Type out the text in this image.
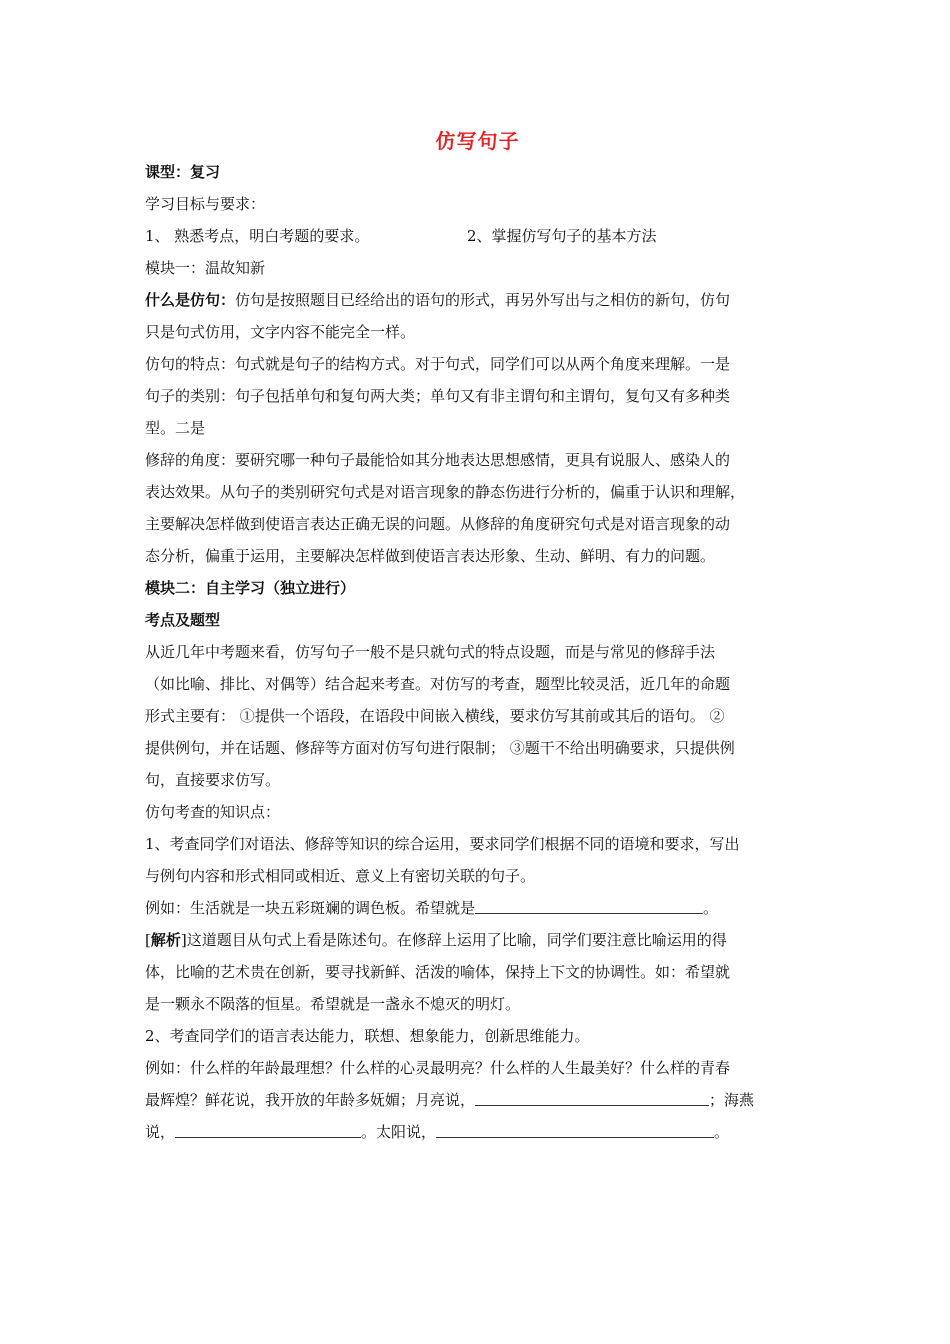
仿写句子
课型：复习
学习目标与要求：
1、 熟悉考点，明白考题的要求。	2、掌握仿写句子的基本方法
模块一：温故知新
什么是仿句：仿句是按照题目已经给出的语句的形式，再另外写出与之相仿的新句，仿句
只是句式仿用，文字内容不能完全一样。
仿句的特点：句式就是句子的结构方式。对于句式，同学们可以从两个角度来理解。一是
句子的类别：句子包括单句和复句两大类；单句又有非主谓句和主谓句，复句又有多种类
型。二是
修辞的角度：要研究哪一种句子最能恰如其分地表达思想感情，更具有说服人、感染人的
表达效果。从句子的类别研究句式是对语言现象的静态伤进行分析的，偏重于认识和理解，
主要解决怎样做到使语言表达正确无误的问题。从修辞的角度研究句式是对语言现象的动
态分析，偏重于运用，主要解决怎样做到使语言表达形象、生动、鲜明、有力的问题。
模块二：自主学习（独立进行）
考点及题型
从近几年中考题来看，仿写句子一般不是只就句式的特点设题，而是与常见的修辞手法
（如比喻、排比、对偶等）结合起来考查。对仿写的考查，题型比较灵活，近几年的命题
形式主要有： ①提供一个语段，在语段中间嵌入横线，要求仿写其前或其后的语句。 ②
提供例句，并在话题、修辞等方面对仿写句进行限制； ③题干不给出明确要求，只提供例
句，直接要求仿写。
仿句考查的知识点：
1、考查同学们对语法、修辞等知识的综合运用，要求同学们根据不同的语境和要求，写出
与例句内容和形式相同或相近、意义上有密切关联的句子。
例如：生活就是一块五彩斑斓的调色板。希望就是	。
[解析]这道题目从句式上看是陈述句。在修辞上运用了比喻，同学们要注意比喻运用的得
体，比喻的艺术贵在创新，要寻找新鲜、活泼的喻体，保持上下文的协调性。如：希望就
是一颗永不陨落的恒星。希望就是一盏永不熄灭的明灯。
2、考查同学们的语言表达能力，联想、想象能力，创新思维能力。
例如：什么样的年龄最理想？什么样的心灵最明亮？什么样的人生最美好？什么样的青春
最辉煌？鲜花说，我开放的年龄多妩媚；月亮说，	；海燕
说，	。太阳说，	。
